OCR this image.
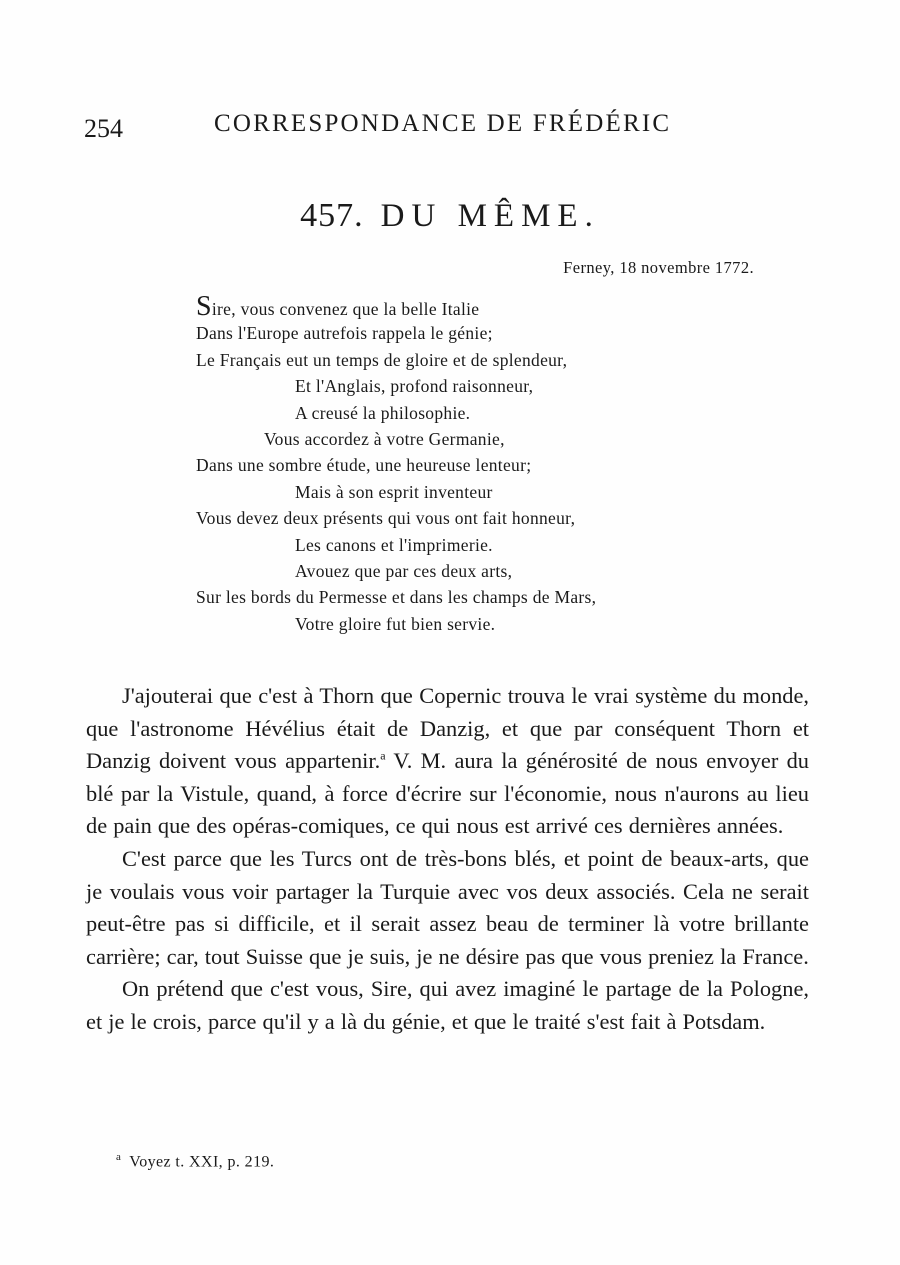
254	CORRESPONDANCE DE FRÉDÉRIC
457. DU MÊME.
Ferney, 18 novembre 1772.
Sire, vous convenez que la belle Italie
Dans l'Europe autrefois rappela le génie;
Le Français eut un temps de gloire et de splendeur,
Et l'Anglais, profond raisonneur,
A creusé la philosophie.
Vous accordez à votre Germanie,
Dans une sombre étude, une heureuse lenteur;
Mais à son esprit inventeur
Vous devez deux présents qui vous ont fait honneur,
Les canons et l'imprimerie.
Avouez que par ces deux arts,
Sur les bords du Permesse et dans les champs de Mars,
Votre gloire fut bien servie.

J'ajouterai que c'est à Thorn que Copernic trouva le vrai système du monde, que l'astronome Hévélius était de Danzig, et que par conséquent Thorn et Danzig doivent vous appartenir.$^a$ V. M. aura la générosité de nous envoyer du blé par la Vistule, quand, à force d'écrire sur l'économie, nous n'aurons au lieu de pain que des opéras-comiques, ce qui nous est arrivé ces dernières années.

C'est parce que les Turcs ont de très-bons blés, et point de beaux-arts, que je voulais vous voir partager la Turquie avec vos deux associés. Cela ne serait peut-être pas si difficile, et il serait assez beau de terminer là votre brillante carrière; car, tout Suisse que je suis, je ne désire pas que vous preniez la France.

On prétend que c'est vous, Sire, qui avez imaginé le partage de la Pologne, et je le crois, parce qu'il y a là du génie, et que le traité s'est fait à Potsdam.

$^a$ Voyez t. XXI, p. 219.
